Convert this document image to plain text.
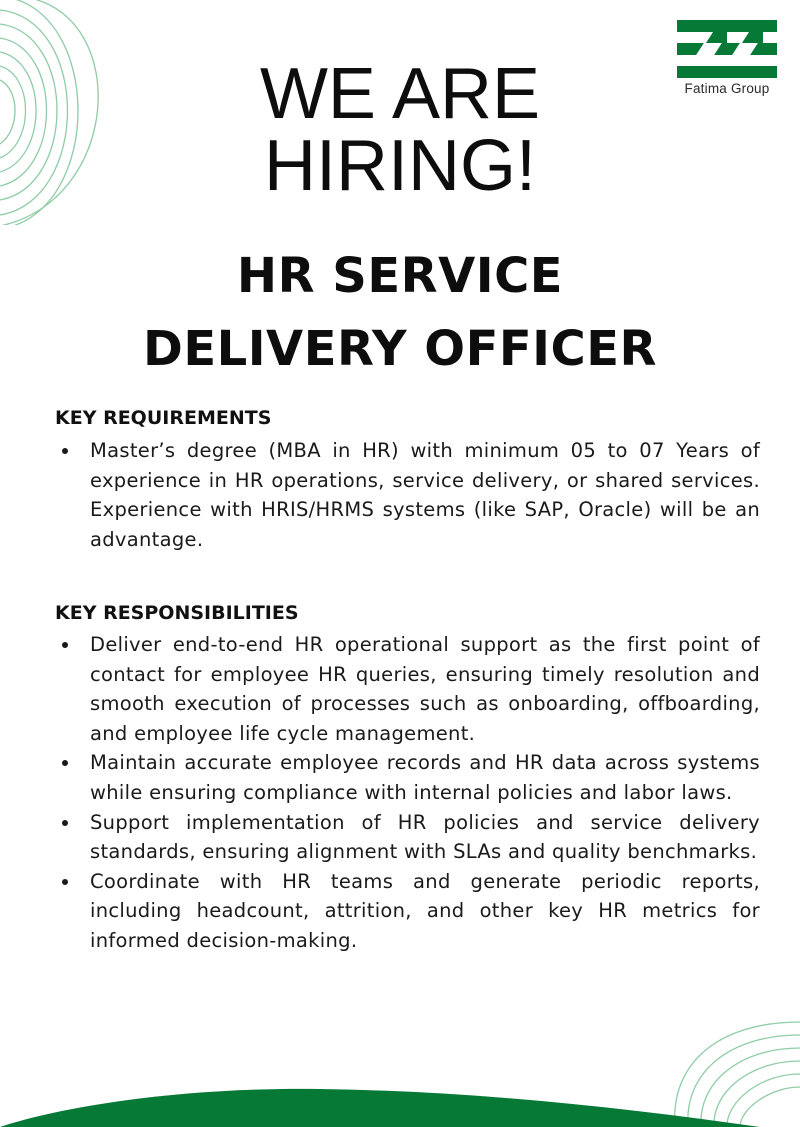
Fatima Group
WE ARE
HIRING!
HR SERVICE
DELIVERY OFFICER
KEY REQUIREMENTS
Master’s degree (MBA in HR) with minimum 05 to 07 Years of experience in HR operations, service delivery, or shared services. Experience with HRIS/HRMS systems (like SAP, Oracle) will be an advantage.
KEY RESPONSIBILITIES
Deliver end-to-end HR operational support as the first point of contact for employee HR queries, ensuring timely resolution and smooth execution of processes such as onboarding, offboarding, and employee life cycle management.
Maintain accurate employee records and HR data across systems while ensuring compliance with internal policies and labor laws.
Support implementation of HR policies and service delivery standards, ensuring alignment with SLAs and quality benchmarks.
Coordinate with HR teams and generate periodic reports, including headcount, attrition, and other key HR metrics for informed decision-making.
